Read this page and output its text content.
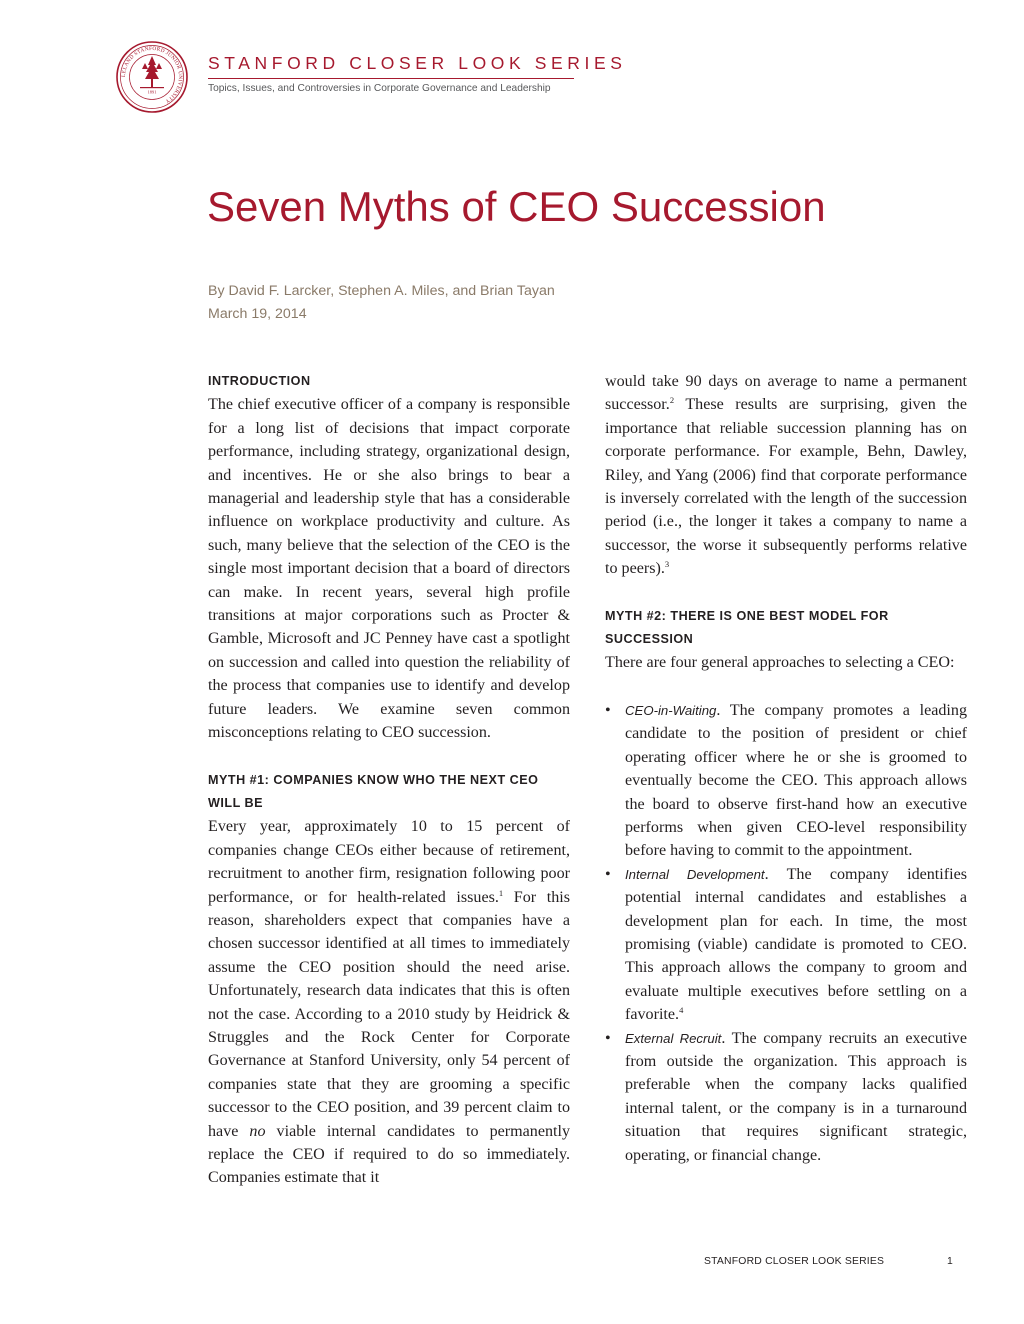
LELAND STANFORD JUNIOR UNIVERSITY
1891
STANFORD CLOSER LOOK SERIES
Topics, Issues, and Controversies in Corporate Governance and Leadership
Seven Myths of CEO Succession
By David F. Larcker, Stephen A. Miles, and Brian Tayan
March 19, 2014
INTRODUCTION

The chief executive officer of a company is responsible for a long list of decisions that impact corporate performance, including strategy, organizational design, and incentives. He or she also brings to bear a managerial and leadership style that has a considerable influence on workplace productivity and culture. As such, many believe that the selection of the CEO is the single most important decision that a board of directors can make. In recent years, several high profile transitions at major corporations such as Procter & Gamble, Microsoft and JC Penney have cast a spotlight on succession and called into question the reliability of the process that companies use to identify and develop future leaders. We examine seven common misconceptions relating to CEO succession.

MYTH #1: COMPANIES KNOW WHO THE NEXT CEO WILL BE

Every year, approximately 10 to 15 percent of companies change CEOs either because of retirement, recruitment to another firm, resignation following poor performance, or for health-related issues.$^1$ For this reason, shareholders expect that companies have a chosen successor identified at all times to immediately assume the CEO position should the need arise. Unfortunately, research data indicates that this is often not the case. According to a 2010 study by Heidrick & Struggles and the Rock Center for Corporate Governance at Stanford University, only 54 percent of companies state that they are grooming a specific successor to the CEO position, and 39 percent claim to have no viable internal candidates to permanently replace the CEO if required to do so immediately. Companies estimate that it

would take 90 days on average to name a permanent successor.$^2$ These results are surprising, given the importance that reliable succession planning has on corporate performance. For example, Behn, Dawley, Riley, and Yang (2006) find that corporate performance is inversely correlated with the length of the succession period (i.e., the longer it takes a company to name a successor, the worse it subsequently performs relative to peers).$^3$

MYTH #2: THERE IS ONE BEST MODEL FOR SUCCESSION

There are four general approaches to selecting a CEO:

• CEO-in-Waiting. The company promotes a leading candidate to the position of president or chief operating officer where he or she is groomed to eventually become the CEO. This approach allows the board to observe first-hand how an executive performs when given CEO-level responsibility before having to commit to the appointment.
• Internal Development. The company identifies potential internal candidates and establishes a development plan for each. In time, the most promising (viable) candidate is promoted to CEO. This approach allows the company to groom and evaluate multiple executives before settling on a favorite.$^4$
• External Recruit. The company recruits an executive from outside the organization. This approach is preferable when the company lacks qualified internal talent, or the company is in a turnaround situation that requires significant strategic, operating, or financial change.
STANFORD CLOSER LOOK SERIES	1
